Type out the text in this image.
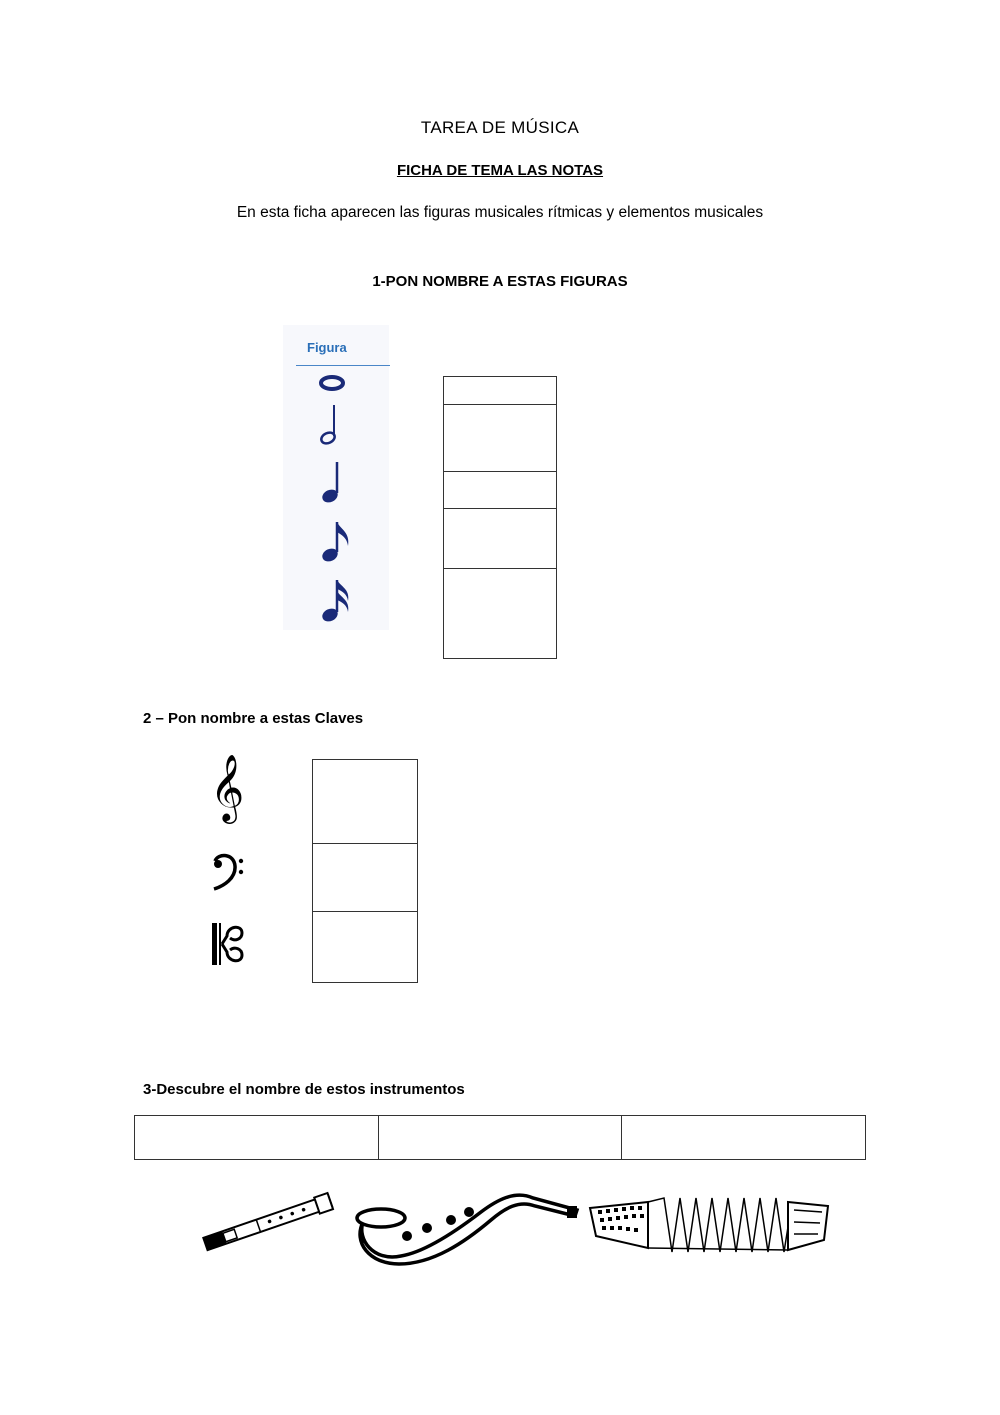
TAREA DE MÚSICA
FICHA DE TEMA LAS NOTAS
En esta ficha aparecen las figuras musicales rítmicas y elementos musicales
1-PON NOMBRE A ESTAS FIGURAS
Figura
2 – Pon nombre a estas Claves
𝄞
3-Descubre el nombre de estos instrumentos
